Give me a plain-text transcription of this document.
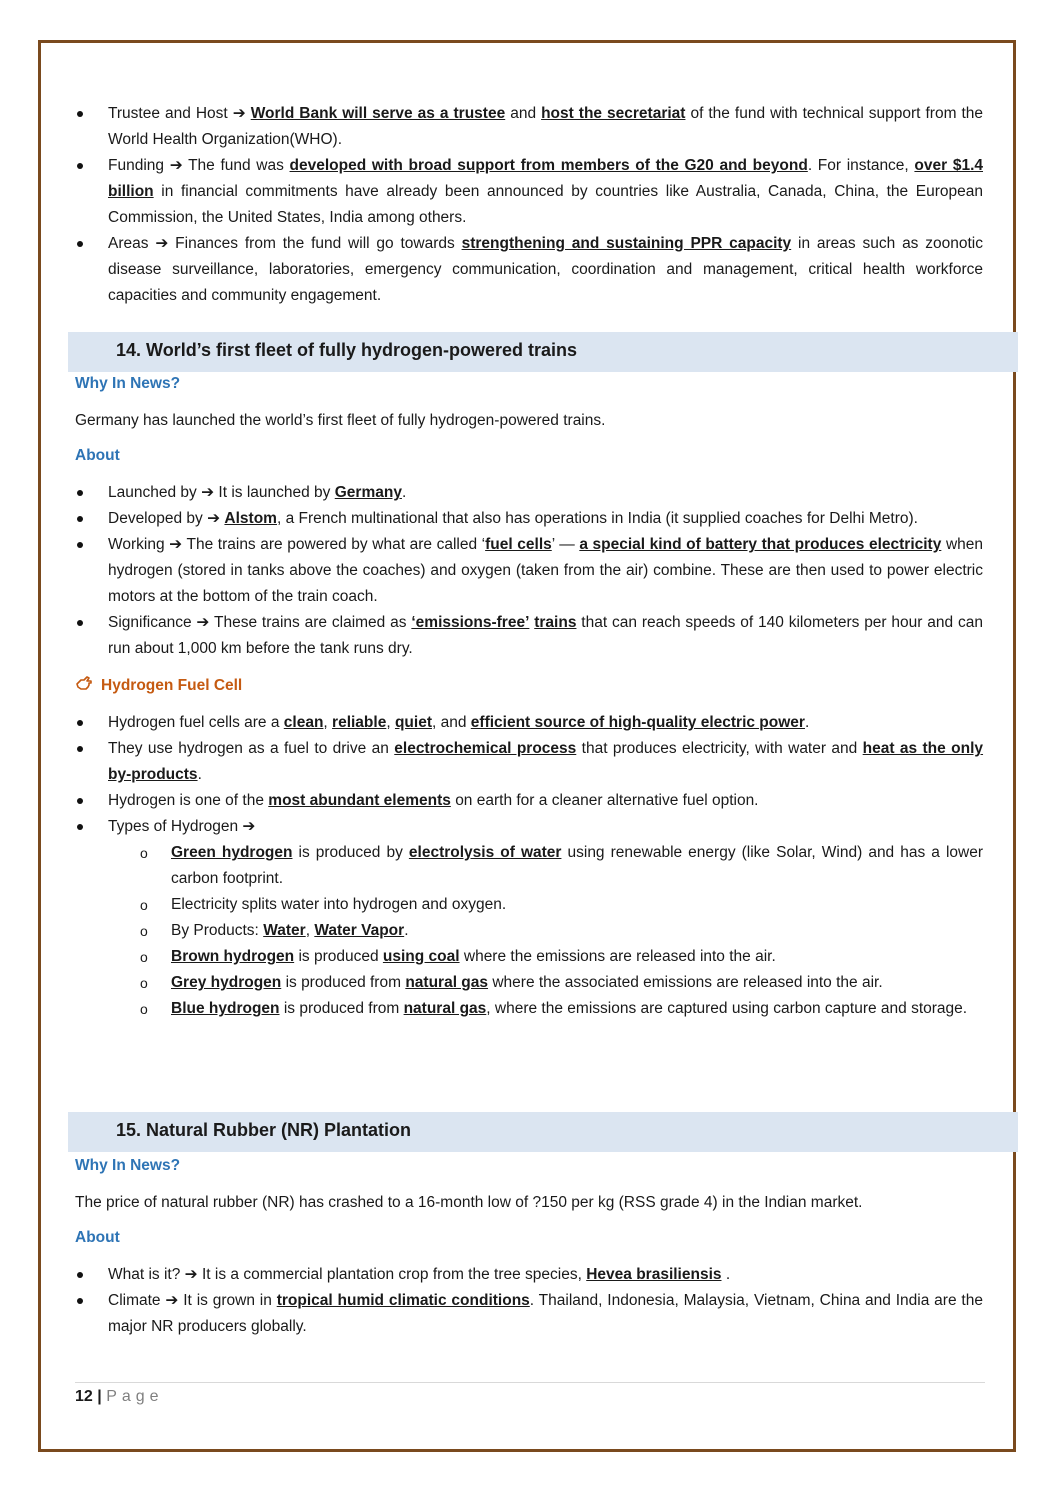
Trustee and Host ➔ World Bank will serve as a trustee and host the secretariat of the fund with technical support from the World Health Organization(WHO).
Funding ➔ The fund was developed with broad support from members of the G20 and beyond. For instance, over $1.4 billion in financial commitments have already been announced by countries like Australia, Canada, China, the European Commission, the United States, India among others.
Areas ➔ Finances from the fund will go towards strengthening and sustaining PPR capacity in areas such as zoonotic disease surveillance, laboratories, emergency communication, coordination and management, critical health workforce capacities and community engagement.
14. World’s first fleet of fully hydrogen-powered trains
Why In News?
Germany has launched the world’s first fleet of fully hydrogen-powered trains.
About
Launched by ➔ It is launched by Germany.
Developed by ➔ Alstom, a French multinational that also has operations in India (it supplied coaches for Delhi Metro).
Working ➔ The trains are powered by what are called ‘fuel cells’ — a special kind of battery that produces electricity when hydrogen (stored in tanks above the coaches) and oxygen (taken from the air) combine. These are then used to power electric motors at the bottom of the train coach.
Significance ➔ These trains are claimed as ‘emissions-free’ trains that can reach speeds of 140 kilometers per hour and can run about 1,000 km before the tank runs dry.
Hydrogen Fuel Cell
Hydrogen fuel cells are a clean, reliable, quiet, and efficient source of high-quality electric power.
They use hydrogen as a fuel to drive an electrochemical process that produces electricity, with water and heat as the only by-products.
Hydrogen is one of the most abundant elements on earth for a cleaner alternative fuel option.
Types of Hydrogen ➔
o Green hydrogen is produced by electrolysis of water using renewable energy (like Solar, Wind) and has a lower carbon footprint.
o Electricity splits water into hydrogen and oxygen.
o By Products: Water, Water Vapor.
o Brown hydrogen is produced using coal where the emissions are released into the air.
o Grey hydrogen is produced from natural gas where the associated emissions are released into the air.
o Blue hydrogen is produced from natural gas, where the emissions are captured using carbon capture and storage.
15. Natural Rubber (NR) Plantation
Why In News?
The price of natural rubber (NR) has crashed to a 16-month low of ?150 per kg (RSS grade 4) in the Indian market.
About
What is it? ➔ It is a commercial plantation crop from the tree species, Hevea brasiliensis .
Climate ➔ It is grown in tropical humid climatic conditions. Thailand, Indonesia, Malaysia, Vietnam, China and India are the major NR producers globally.
12 | Page
